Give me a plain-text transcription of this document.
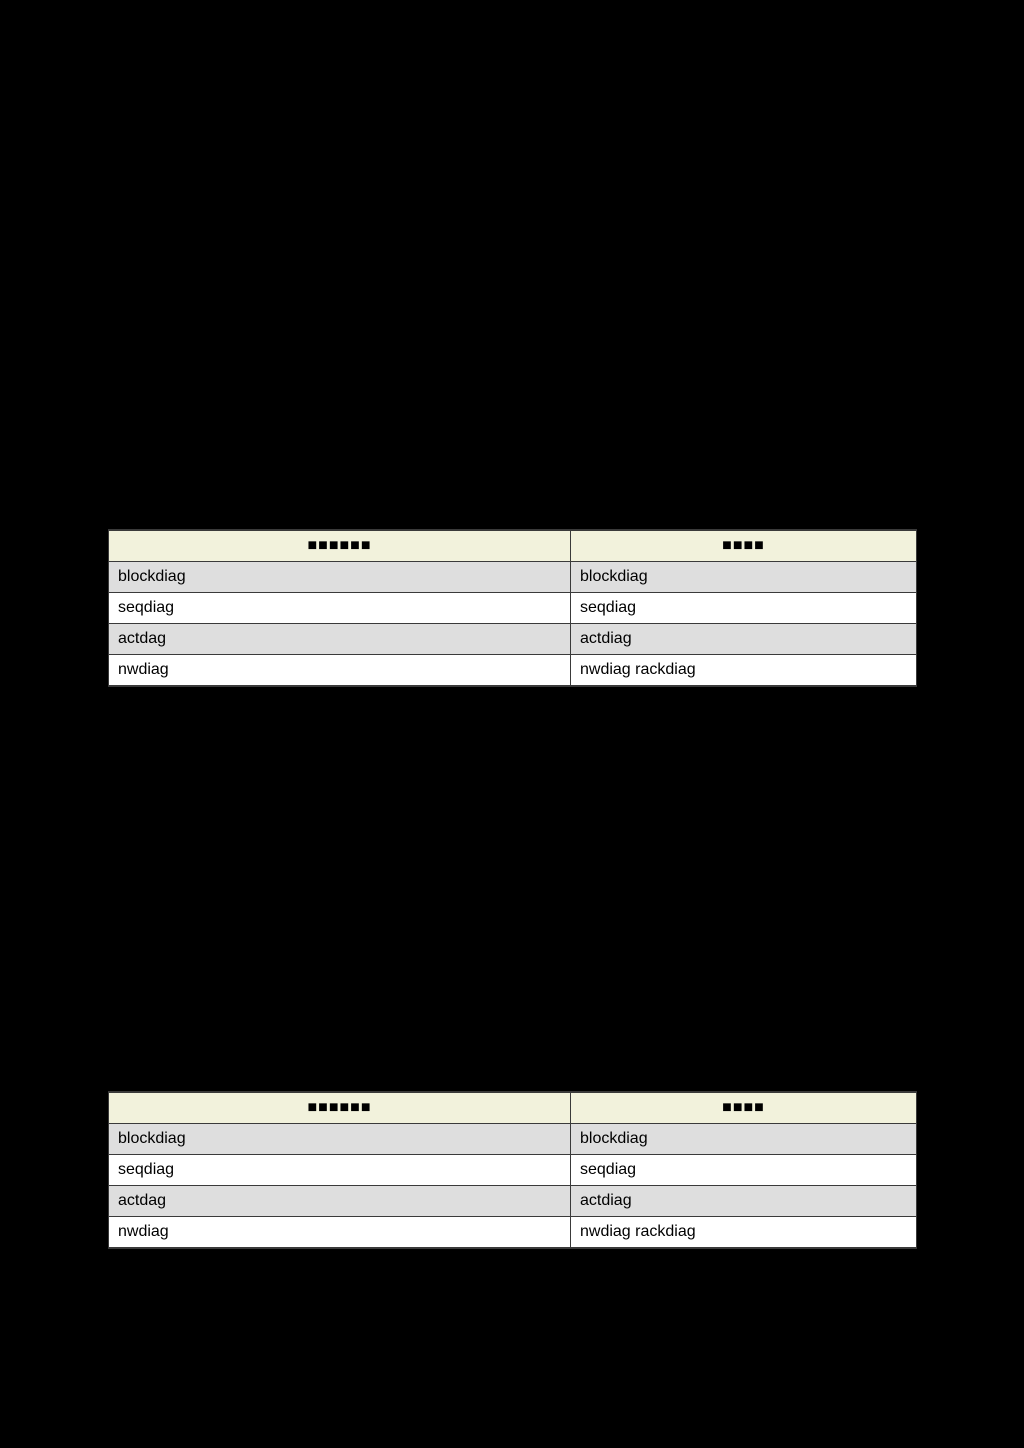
■■■■■■	■■■■
blockdiag	blockdiag
seqdiag	seqdiag
actdag	actdiag
nwdiag	nwdiag rackdiag
■■■■■■	■■■■
blockdiag	blockdiag
seqdiag	seqdiag
actdag	actdiag
nwdiag	nwdiag rackdiag
